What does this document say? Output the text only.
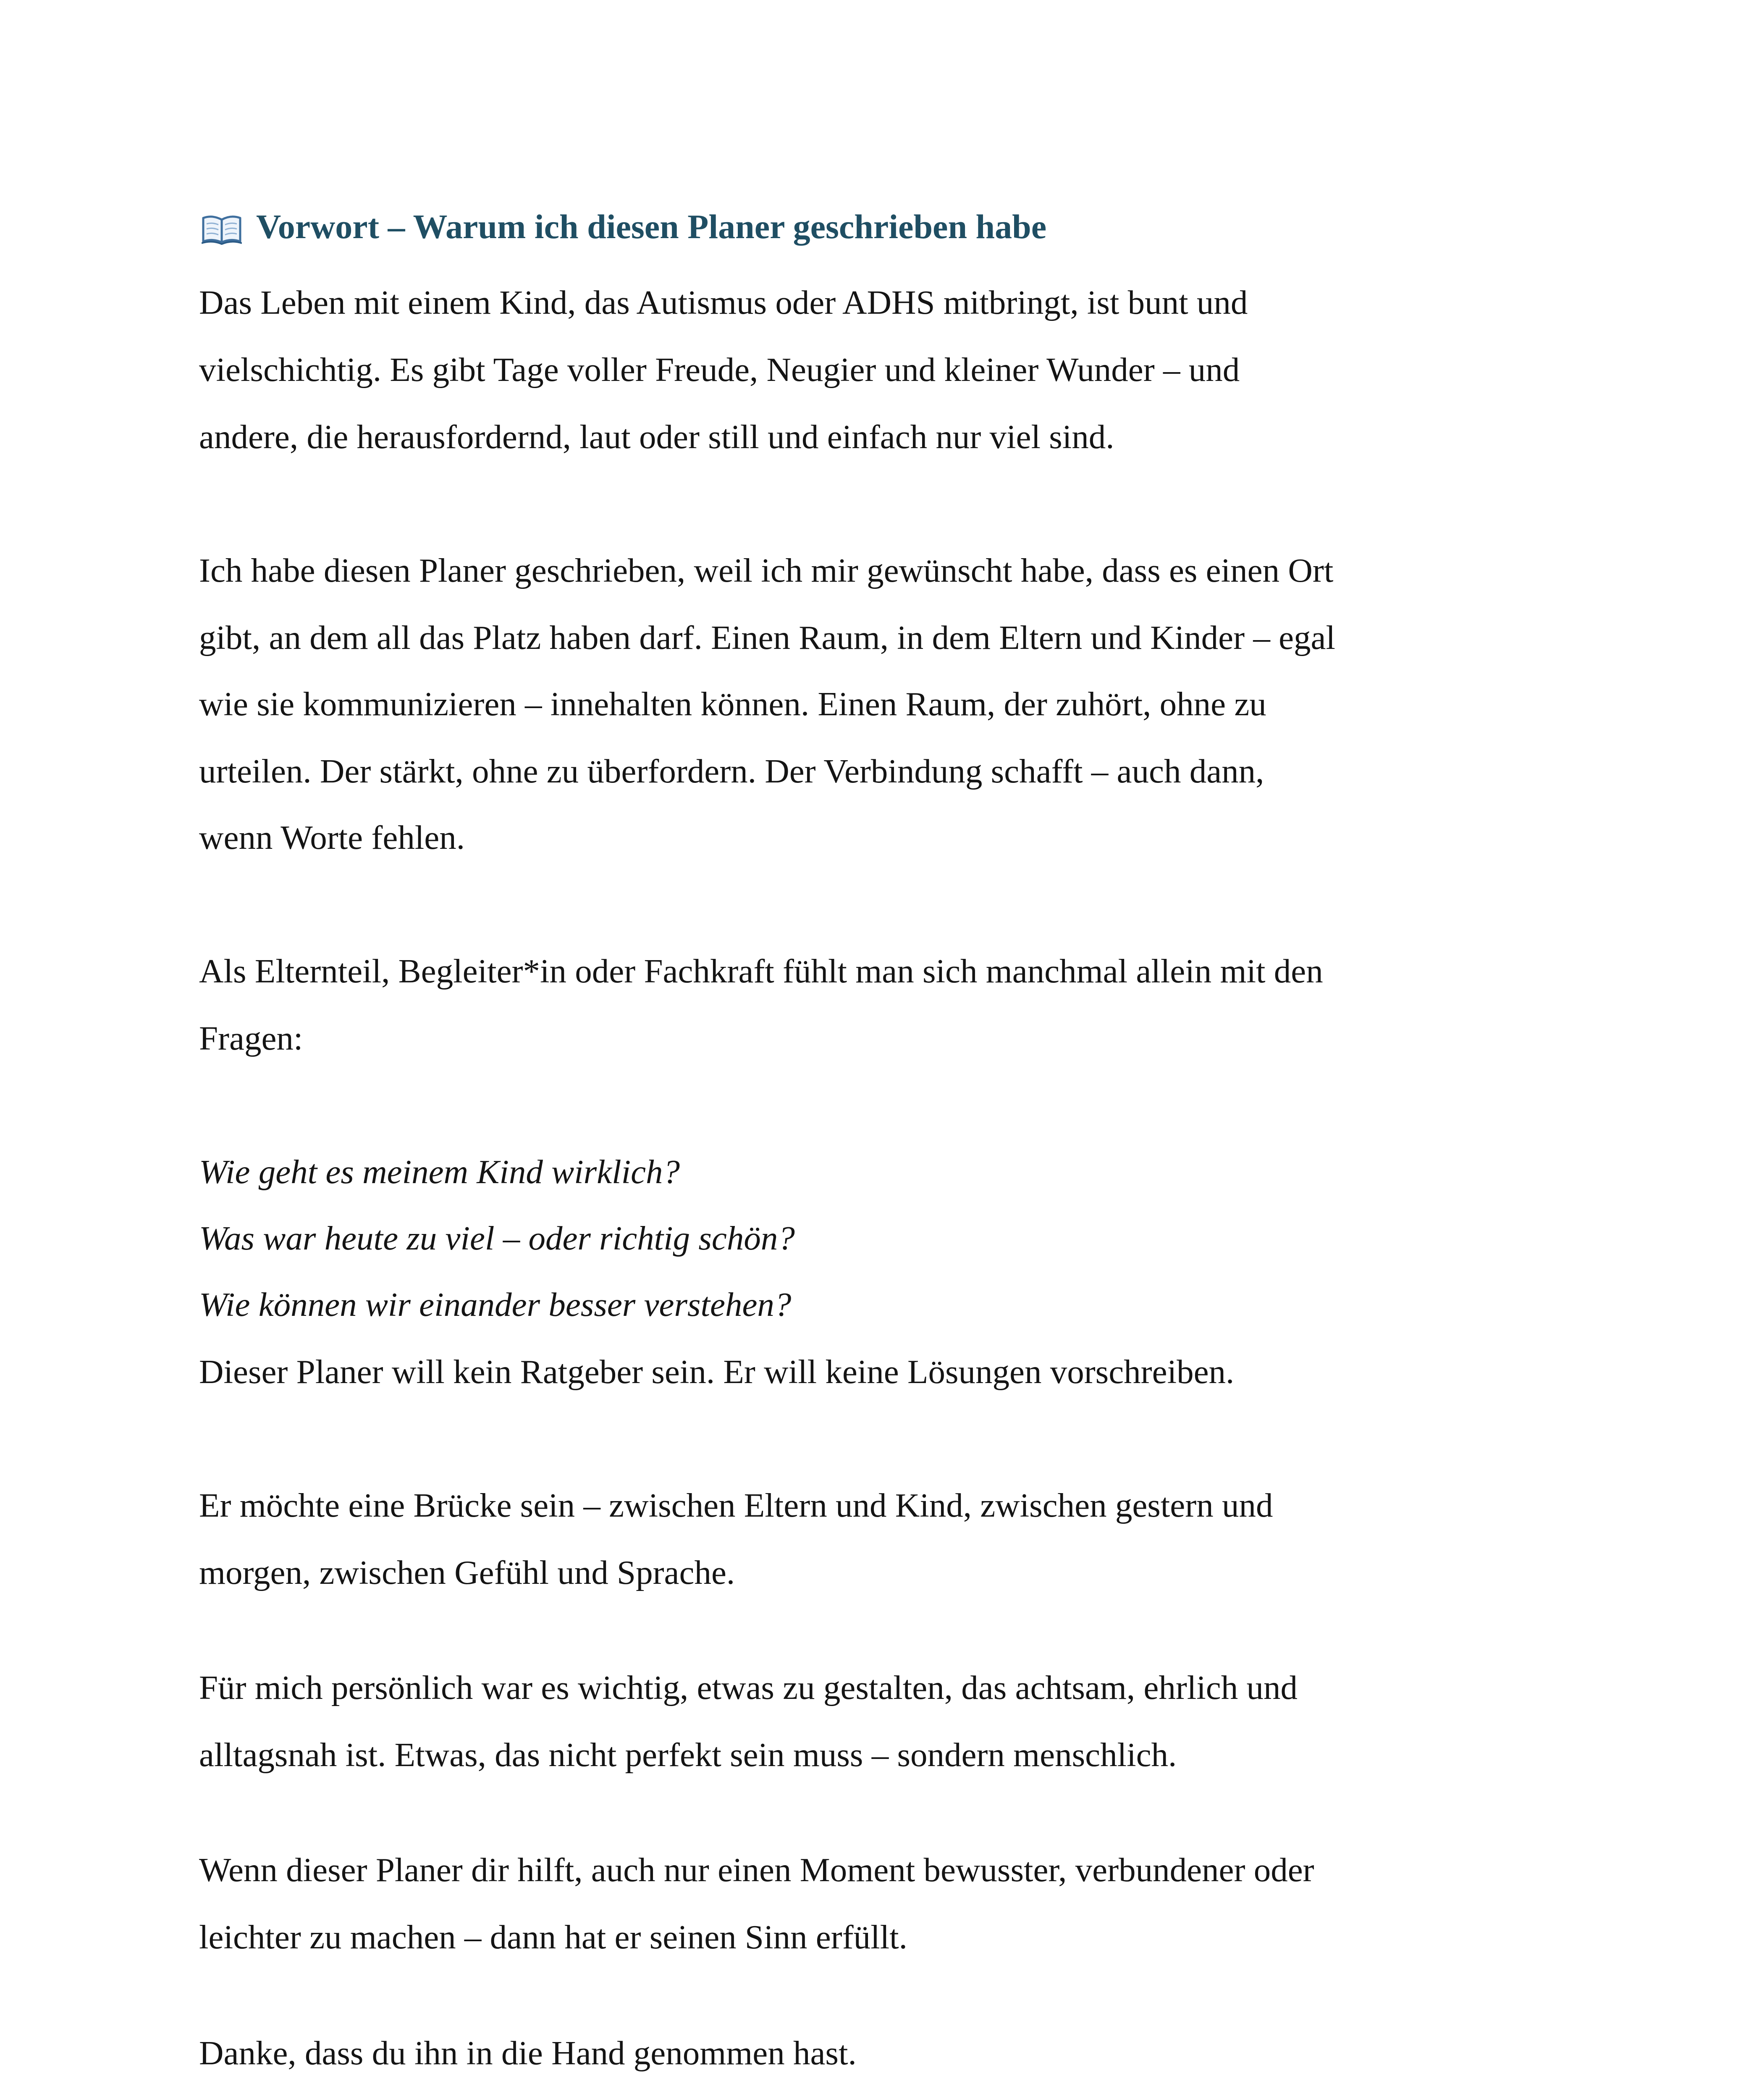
Vorwort – Warum ich diesen Planer geschrieben habe
Das Leben mit einem Kind, das Autismus oder ADHS mitbringt, ist bunt und
vielschichtig. Es gibt Tage voller Freude, Neugier und kleiner Wunder – und
andere, die herausfordernd, laut oder still und einfach nur viel sind.
Ich habe diesen Planer geschrieben, weil ich mir gewünscht habe, dass es einen Ort
gibt, an dem all das Platz haben darf. Einen Raum, in dem Eltern und Kinder – egal
wie sie kommunizieren – innehalten können. Einen Raum, der zuhört, ohne zu
urteilen. Der stärkt, ohne zu überfordern. Der Verbindung schafft – auch dann,
wenn Worte fehlen.
Als Elternteil, Begleiter*in oder Fachkraft fühlt man sich manchmal allein mit den
Fragen:
Wie geht es meinem Kind wirklich?
Was war heute zu viel – oder richtig schön?
Wie können wir einander besser verstehen?
Dieser Planer will kein Ratgeber sein. Er will keine Lösungen vorschreiben.
Er möchte eine Brücke sein – zwischen Eltern und Kind, zwischen gestern und
morgen, zwischen Gefühl und Sprache.
Für mich persönlich war es wichtig, etwas zu gestalten, das achtsam, ehrlich und
alltagsnah ist. Etwas, das nicht perfekt sein muss – sondern menschlich.
Wenn dieser Planer dir hilft, auch nur einen Moment bewusster, verbundener oder
leichter zu machen – dann hat er seinen Sinn erfüllt.
Danke, dass du ihn in die Hand genommen hast.
